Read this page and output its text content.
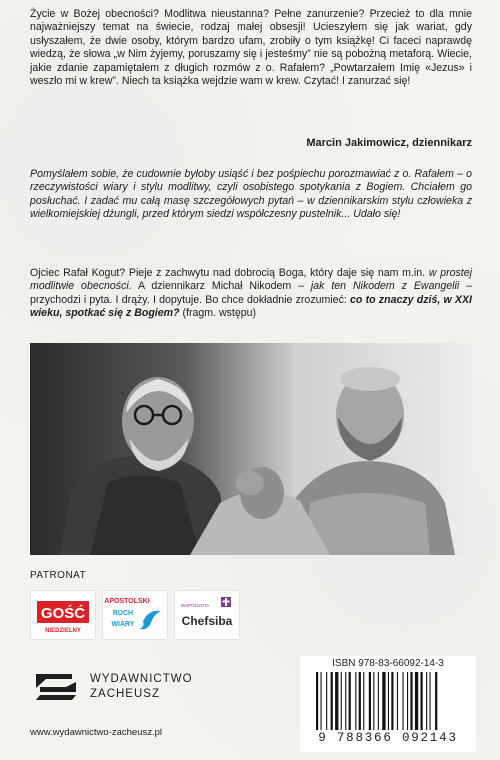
Życie w Bożej obecności? Modlitwa nieustanna? Pełne zanurzenie? Przecież to dla mnie najważniejszy temat na świecie, rodzaj małej obsesji! Ucieszyłem się jak wariat, gdy usłyszałem, że dwie osoby, którym bardzo ufam, zrobiły o tym książkę! Ci faceci naprawdę wiedzą, że słowa „w Nim żyjemy, poruszamy się i jesteśmy” nie są pobożną metaforą. Wiecie, jakie zdanie zapamiętałem z długich rozmów z o. Rafałem? „Powtarzałem Imię «Jezus» i weszło mi w krew”. Niech ta książka wejdzie wam w krew. Czytać! I zanurzać się!
Marcin Jakimowicz, dziennikarz
Pomyślałem sobie, że cudownie byłoby usiąść i bez pośpiechu porozmawiać z o. Rafałem – o rzeczywistości wiary i stylu modlitwy, czyli osobistego spotykania z Bogiem. Chciałem go posłuchać. I zadać mu całą masę szczegółowych pytań – w dziennikarskim stylu człowieka z wielkomiejskiej dżungli, przed którym siedzi współczesny pustelnik... Udało się!
Ojciec Rafał Kogut? Pieje z zachwytu nad dobrocią Boga, który daje się nam m.in. w prostej modlitwie obecności. A dziennikarz Michał Nikodem – jak ten Nikodem z Ewangelii – przychodzi i pyta. I drąży. I dopytuje. Bo chce dokładnie zrozumieć: co to znaczy dziś, w XXI wieku, spotkać się z Bogiem? (fragm. wstępu)
PATRONAT
GOŚĆ
NIEDZIELNY
APOSTOLSKI
RUCH
WIARY
WSPÓLNOTA
Chefsiba
WYDAWNICTWO
ZACHEUSZ
www.wydawnictwo-zacheusz.pl
ISBN 978-83-66092-14-3
9 788366 092143
